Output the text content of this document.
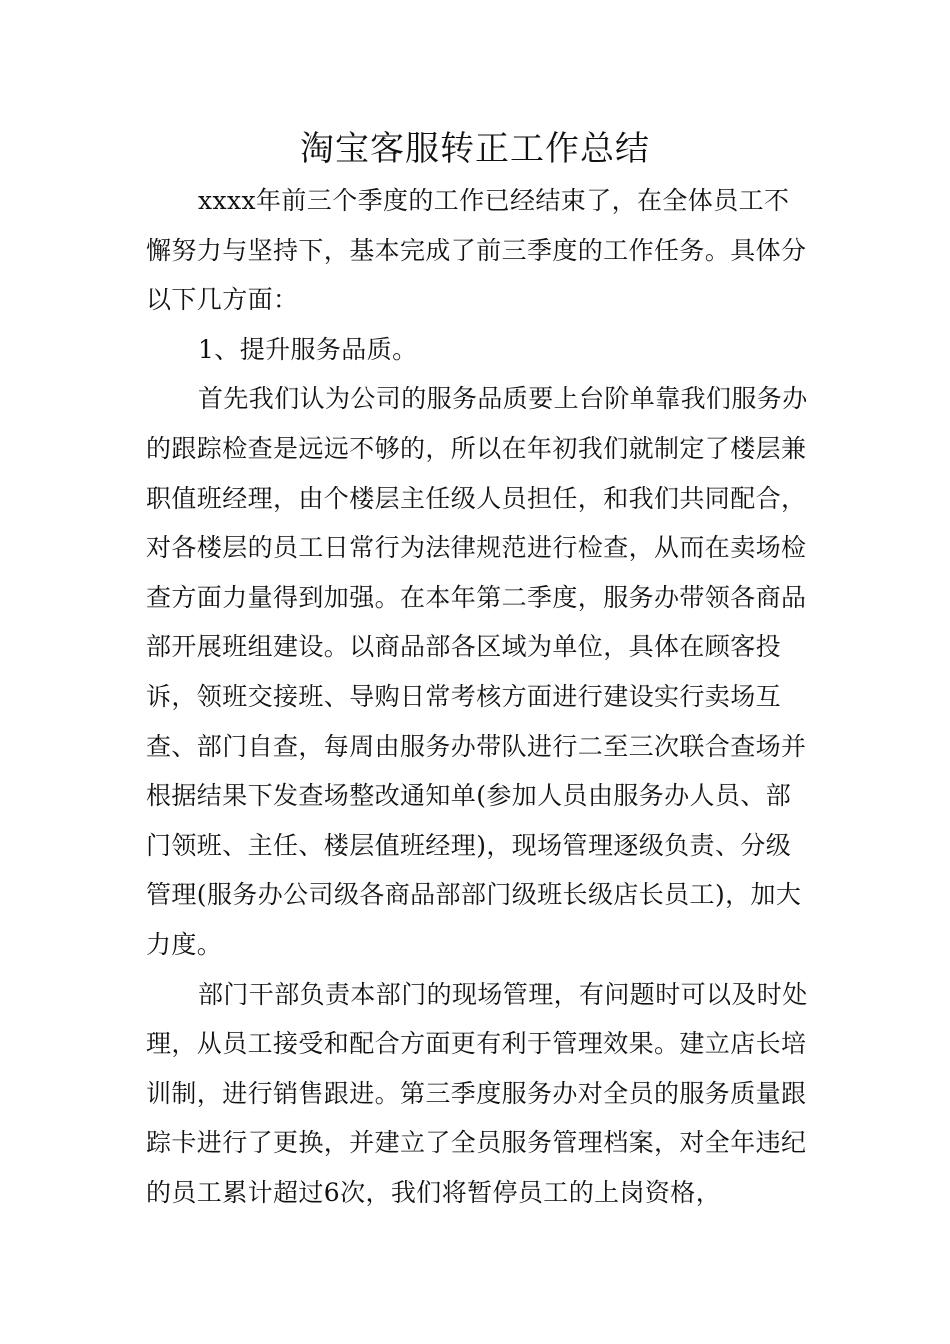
淘宝客服转正工作总结

xxxx年前三个季度的工作已经结束了，在全体员工不懈努力与坚持下，基本完成了前三季度的工作任务。具体分以下几方面：

1、提升服务品质。

首先我们认为公司的服务品质要上台阶单靠我们服务办的跟踪检查是远远不够的，所以在年初我们就制定了楼层兼职值班经理，由个楼层主任级人员担任，和我们共同配合，对各楼层的员工日常行为法律规范进行检查，从而在卖场检查方面力量得到加强。在本年第二季度，服务办带领各商品部开展班组建设。以商品部各区域为单位，具体在顾客投诉，领班交接班、导购日常考核方面进行建设实行卖场互查、部门自查，每周由服务办带队进行二至三次联合查场并根据结果下发查场整改通知单(参加人员由服务办人员、部门领班、主任、楼层值班经理)，现场管理逐级负责、分级管理(服务办公司级各商品部部门级班长级店长员工)，加大力度。

部门干部负责本部门的现场管理，有问题时可以及时处理，从员工接受和配合方面更有利于管理效果。建立店长培训制，进行销售跟进。第三季度服务办对全员的服务质量跟踪卡进行了更换，并建立了全员服务管理档案，对全年违纪的员工累计超过6次，我们将暂停员工的上岗资格，
